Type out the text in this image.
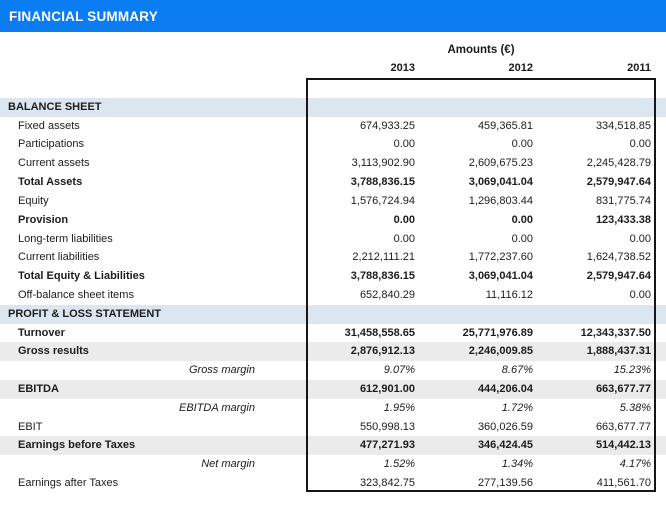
FINANCIAL SUMMARY
Amounts (€)
2013	2012	2011
BALANCE SHEET
Fixed assets	674,933.25	459,365.81	334,518.85
Participations	0.00	0.00	0.00
Current assets	3,113,902.90	2,609,675.23	2,245,428.79
Total Assets	3,788,836.15	3,069,041.04	2,579,947.64
Equity	1,576,724.94	1,296,803.44	831,775.74
Provision	0.00	0.00	123,433.38
Long-term liabilities	0.00	0.00	0.00
Current liabilities	2,212,111.21	1,772,237.60	1,624,738.52
Total Equity & Liabilities	3,788,836.15	3,069,041.04	2,579,947.64
Off-balance sheet items	652,840.29	11,116.12	0.00
PROFIT & LOSS STATEMENT
Turnover	31,458,558.65	25,771,976.89	12,343,337.50
Gross results	2,876,912.13	2,246,009.85	1,888,437.31
Gross margin	9.07%	8.67%	15.23%
EBITDA	612,901.00	444,206.04	663,677.77
EBITDA margin	1.95%	1.72%	5.38%
EBIT	550,998.13	360,026.59	663,677.77
Earnings before Taxes	477,271.93	346,424.45	514,442.13
Net margin	1.52%	1.34%	4.17%
Earnings after Taxes	323,842.75	277,139.56	411,561.70
